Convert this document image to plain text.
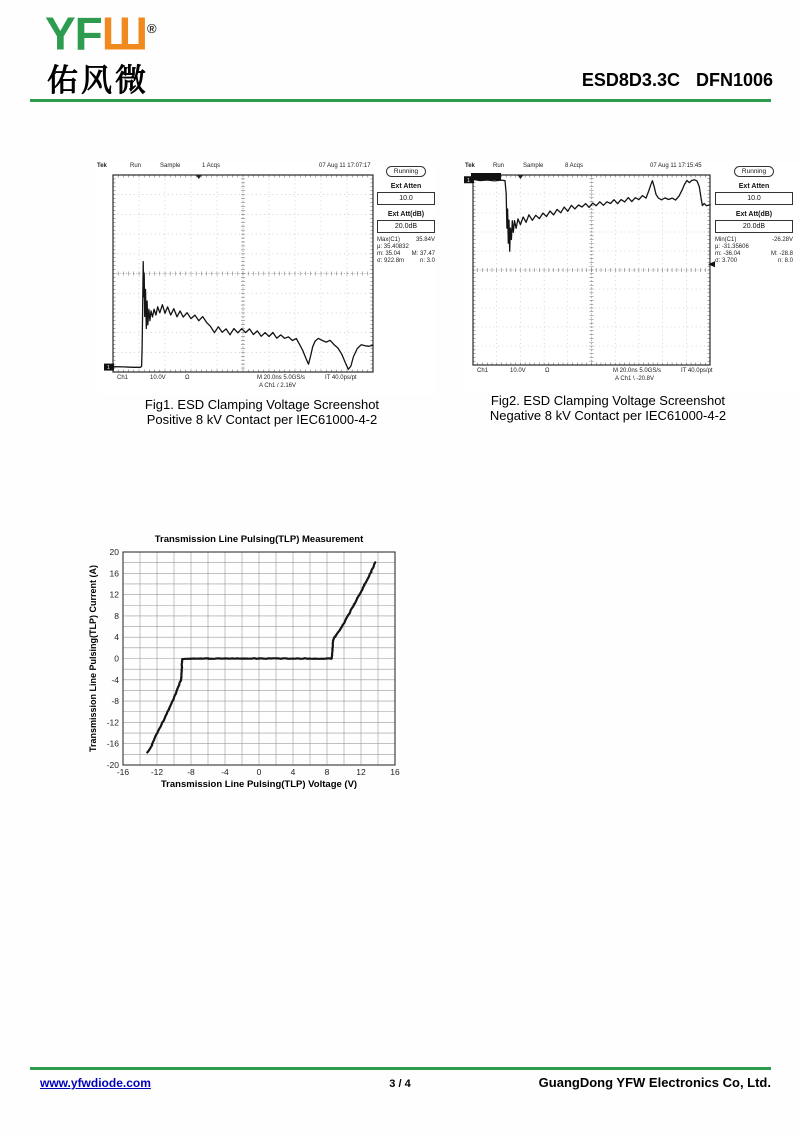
YFШ®
佑风微	ESD8D3.3C DFN1006
Tek	Run	Sample	1 Acqs	07 Aug 11 17:07:17
1
Running
Ext Atten
10.0
Ext Att(dB)
20.0dB
Max(C1)	35.84V
μ: 35.40832
m: 35.04 M: 37.47
σ: 922.8m	n: 3.0
Ch1	10.0V	Ω	M 20.0ns 5.0GS/s	IT 40.0ps/pt
A Ch1 / 2.16V
Tek	Run	Sample	8 Acqs	07 Aug 11 17:15:45
1
Running
Ext Atten
10.0
Ext Att(dB)
20.0dB
Min(C1)	-26.28V
μ: -31.35606
m: -36.04	M: -28.8
σ: 3.700	n: 8.0
Ch1	10.0V	Ω	M 20.0ns 5.0GS/s	IT 40.0ps/pt
A Ch1 \ -20.8V
Fig1. ESD Clamping Voltage Screenshot
Positive 8 kV Contact per IEC61000-4-2
Fig2. ESD Clamping Voltage Screenshot
Negative 8 kV Contact per IEC61000-4-2
Transmission Line Pulsing(TLP) Measurement
Transmission Line Pulsing(TLP) Current (A)
-16	-12	-8	-4	0	4	8	12	16
-20
-16
-12
-8
-4
0
4
8
12
16
20
Transmission Line Pulsing(TLP) Voltage (V)
www.yfwdiode.com	3 / 4	GuangDong YFW Electronics Co, Ltd.
